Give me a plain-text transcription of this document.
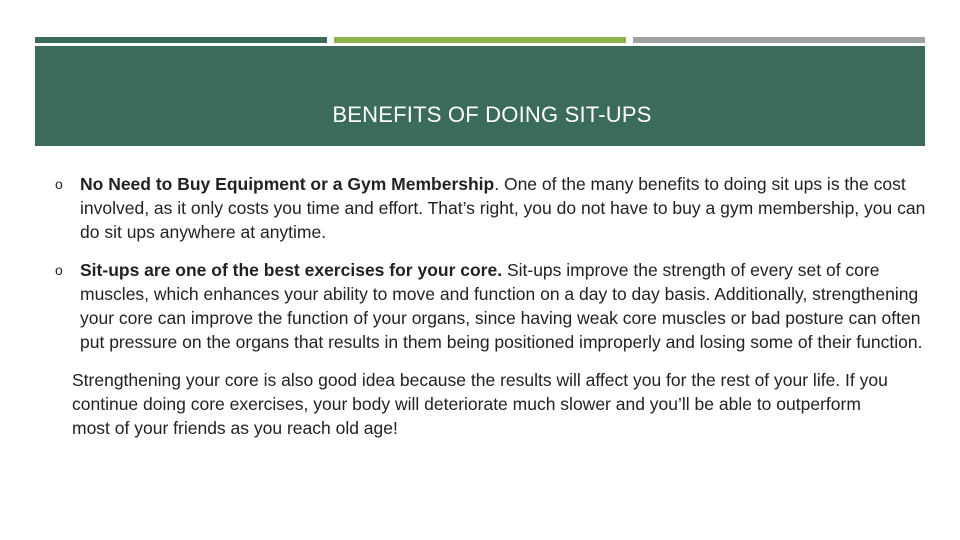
BENEFITS OF DOING SIT-UPS
o No Need to Buy Equipment or a Gym Membership. One of the many benefits to doing sit ups is the cost involved, as it only costs you time and effort. That’s right, you do not have to buy a gym membership, you can do sit ups anywhere at anytime.
o Sit-ups are one of the best exercises for your core. Sit-ups improve the strength of every set of core muscles, which enhances your ability to move and function on a day to day basis. Additionally, strengthening your core can improve the function of your organs, since having weak core muscles or bad posture can often put pressure on the organs that results in them being positioned improperly and losing some of their function.

Strengthening your core is also good idea because the results will affect you for the rest of your life. If you continue doing core exercises, your body will deteriorate much slower and you’ll be able to outperform most of your friends as you reach old age!
